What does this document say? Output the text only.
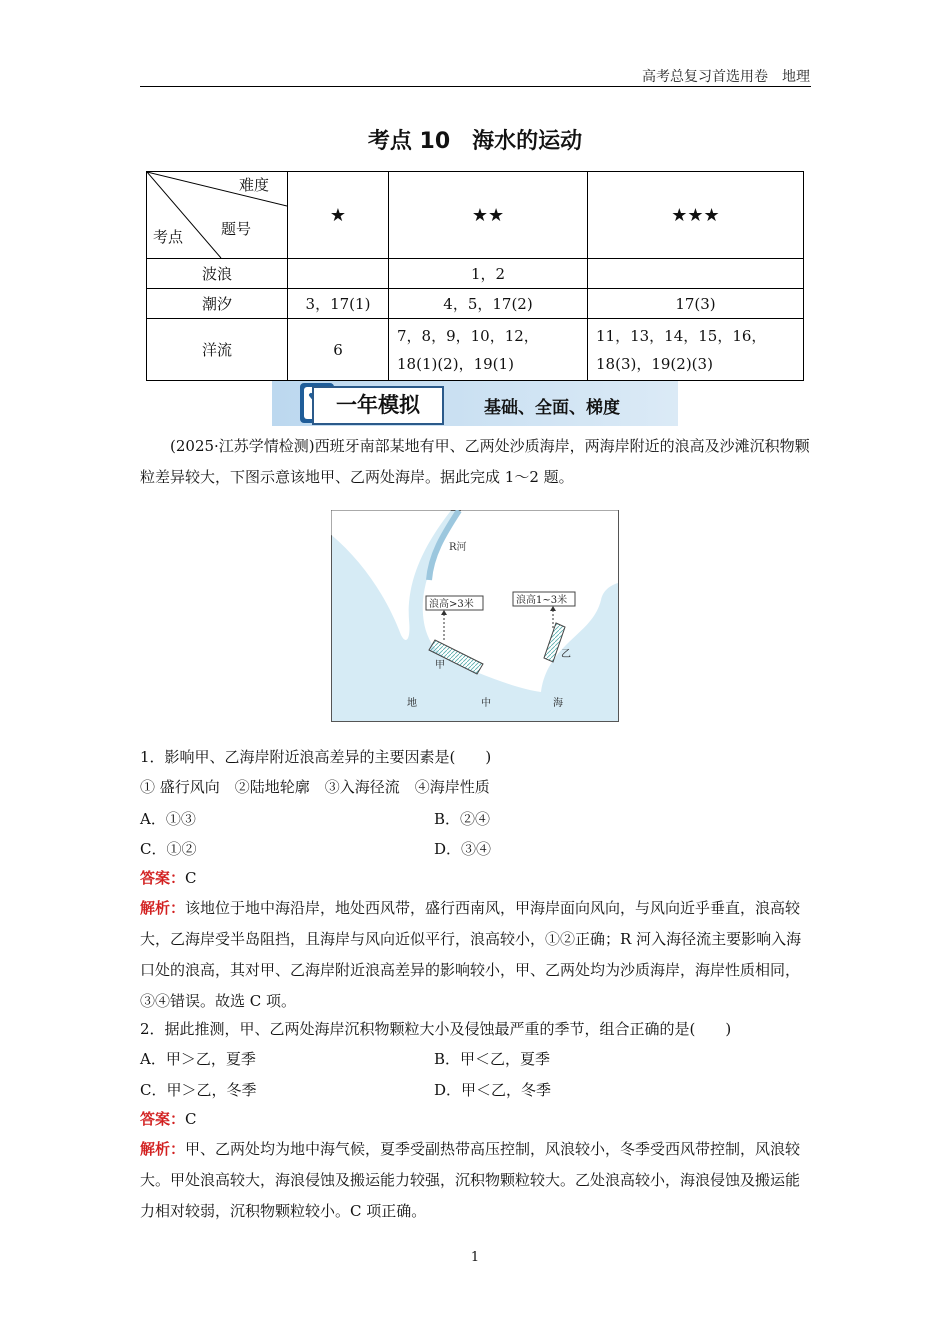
高考总复习首选用卷　地理
考点 10　海水的运动
难度
题号
考点	★	★★	★★★
波浪		1，2	
潮汐	3，17(1)	4，5，17(2)	17(3)
洋流	6	7，8，9，10，12，18(1)(2)，19(1)	11，13，14，15，16，18(3)，19(2)(3)
一年模拟	基础、全面、梯度
(2025·江苏学情检测)西班牙南部某地有甲、乙两处沙质海岸，两海岸附近的浪高及沙滩沉积物颗粒差异较大，下图示意该地甲、乙两处海岸。据此完成 1～2 题。
R河
浪高>3米	浪高1~3米
甲
乙
地	中	海
1．影响甲、乙海岸附近浪高差异的主要因素是(　　)
① 盛行风向　②陆地轮廓　③入海径流　④海岸性质
A．①③	B．②④
C．①②	D．③④
答案：C
解析：该地位于地中海沿岸，地处西风带，盛行西南风，甲海岸面向风向，与风向近乎垂直，浪高较大，乙海岸受半岛阻挡，且海岸与风向近似平行，浪高较小，①②正确；R 河入海径流主要影响入海口处的浪高，其对甲、乙海岸附近浪高差异的影响较小，甲、乙两处均为沙质海岸，海岸性质相同，③④错误。故选 C 项。
2．据此推测，甲、乙两处海岸沉积物颗粒大小及侵蚀最严重的季节，组合正确的是(　　)
A．甲＞乙，夏季	B．甲＜乙，夏季
C．甲＞乙，冬季	D．甲＜乙，冬季
答案：C
解析：甲、乙两处均为地中海气候，夏季受副热带高压控制，风浪较小，冬季受西风带控制，风浪较大。甲处浪高较大，海浪侵蚀及搬运能力较强，沉积物颗粒较大。乙处浪高较小，海浪侵蚀及搬运能力相对较弱，沉积物颗粒较小。C 项正确。
1
